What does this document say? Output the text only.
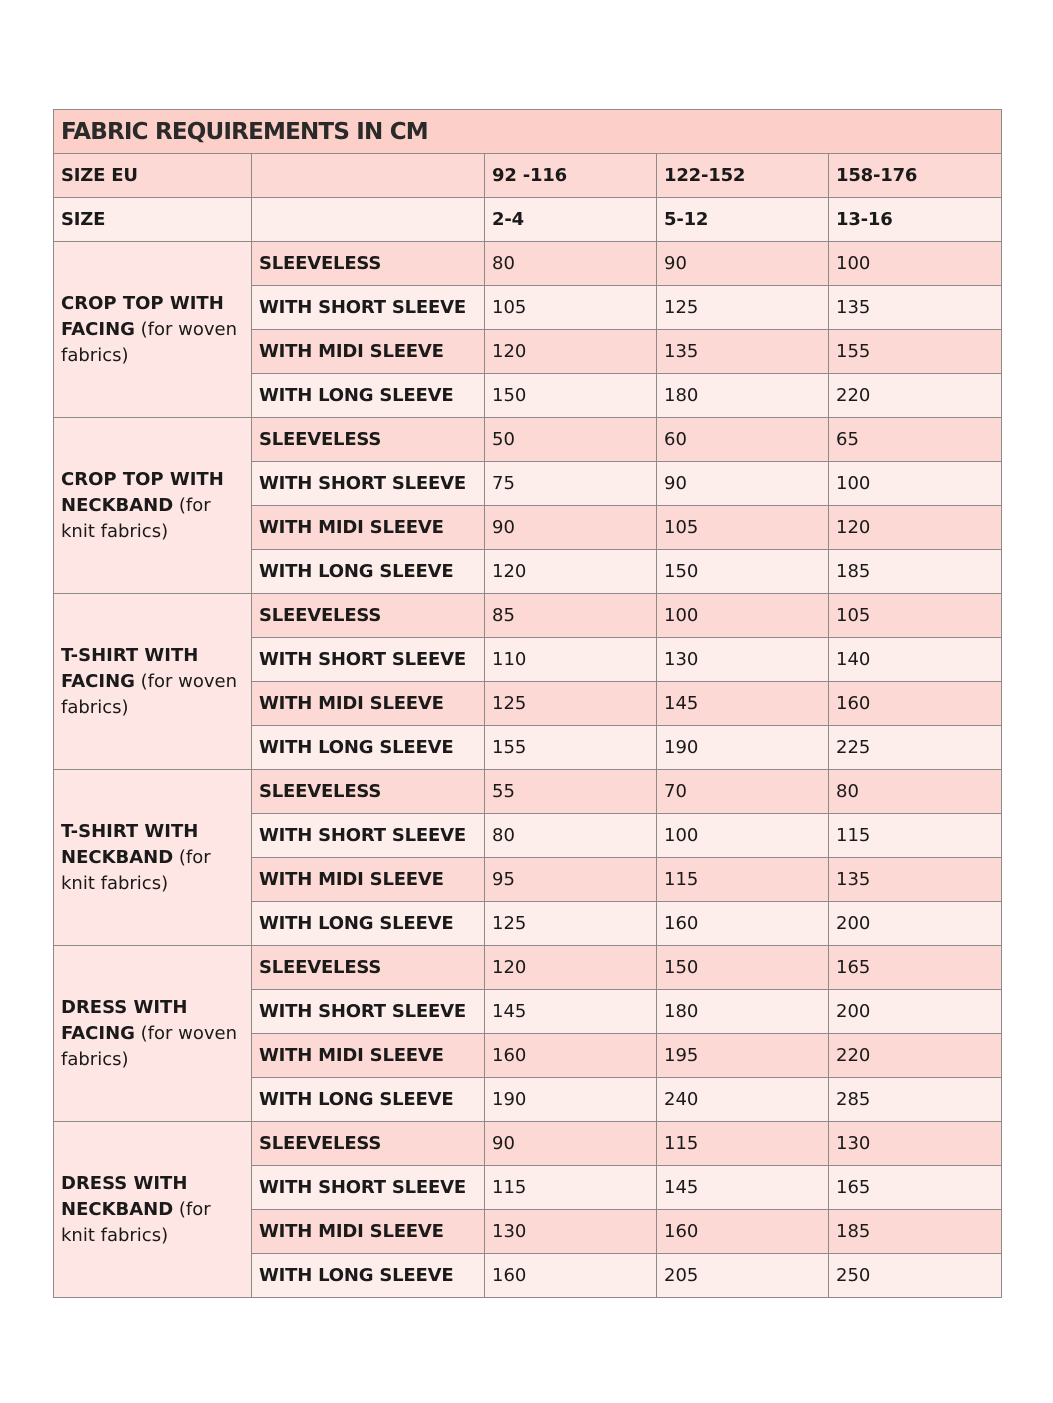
FABRIC REQUIREMENTS IN CM				
SIZE EU		92 -116	122-152	158-176
SIZE		2-4	5-12	13-16
CROP TOP WITH FACING (for woven fabrics)	SLEEVELESS	80	90	100
	WITH SHORT SLEEVE	105	125	135
	WITH MIDI SLEEVE	120	135	155
	WITH LONG SLEEVE	150	180	220
CROP TOP WITH NECKBAND (for knit fabrics)	SLEEVELESS	50	60	65
	WITH SHORT SLEEVE	75	90	100
	WITH MIDI SLEEVE	90	105	120
	WITH LONG SLEEVE	120	150	185
T-SHIRT WITH FACING (for woven fabrics)	SLEEVELESS	85	100	105
	WITH SHORT SLEEVE	110	130	140
	WITH MIDI SLEEVE	125	145	160
	WITH LONG SLEEVE	155	190	225
T-SHIRT WITH NECKBAND (for knit fabrics)	SLEEVELESS	55	70	80
	WITH SHORT SLEEVE	80	100	115
	WITH MIDI SLEEVE	95	115	135
	WITH LONG SLEEVE	125	160	200
DRESS WITH FACING (for woven fabrics)	SLEEVELESS	120	150	165
	WITH SHORT SLEEVE	145	180	200
	WITH MIDI SLEEVE	160	195	220
	WITH LONG SLEEVE	190	240	285
DRESS WITH NECKBAND (for knit fabrics)	SLEEVELESS	90	115	130
	WITH SHORT SLEEVE	115	145	165
	WITH MIDI SLEEVE	130	160	185
	WITH LONG SLEEVE	160	205	250
